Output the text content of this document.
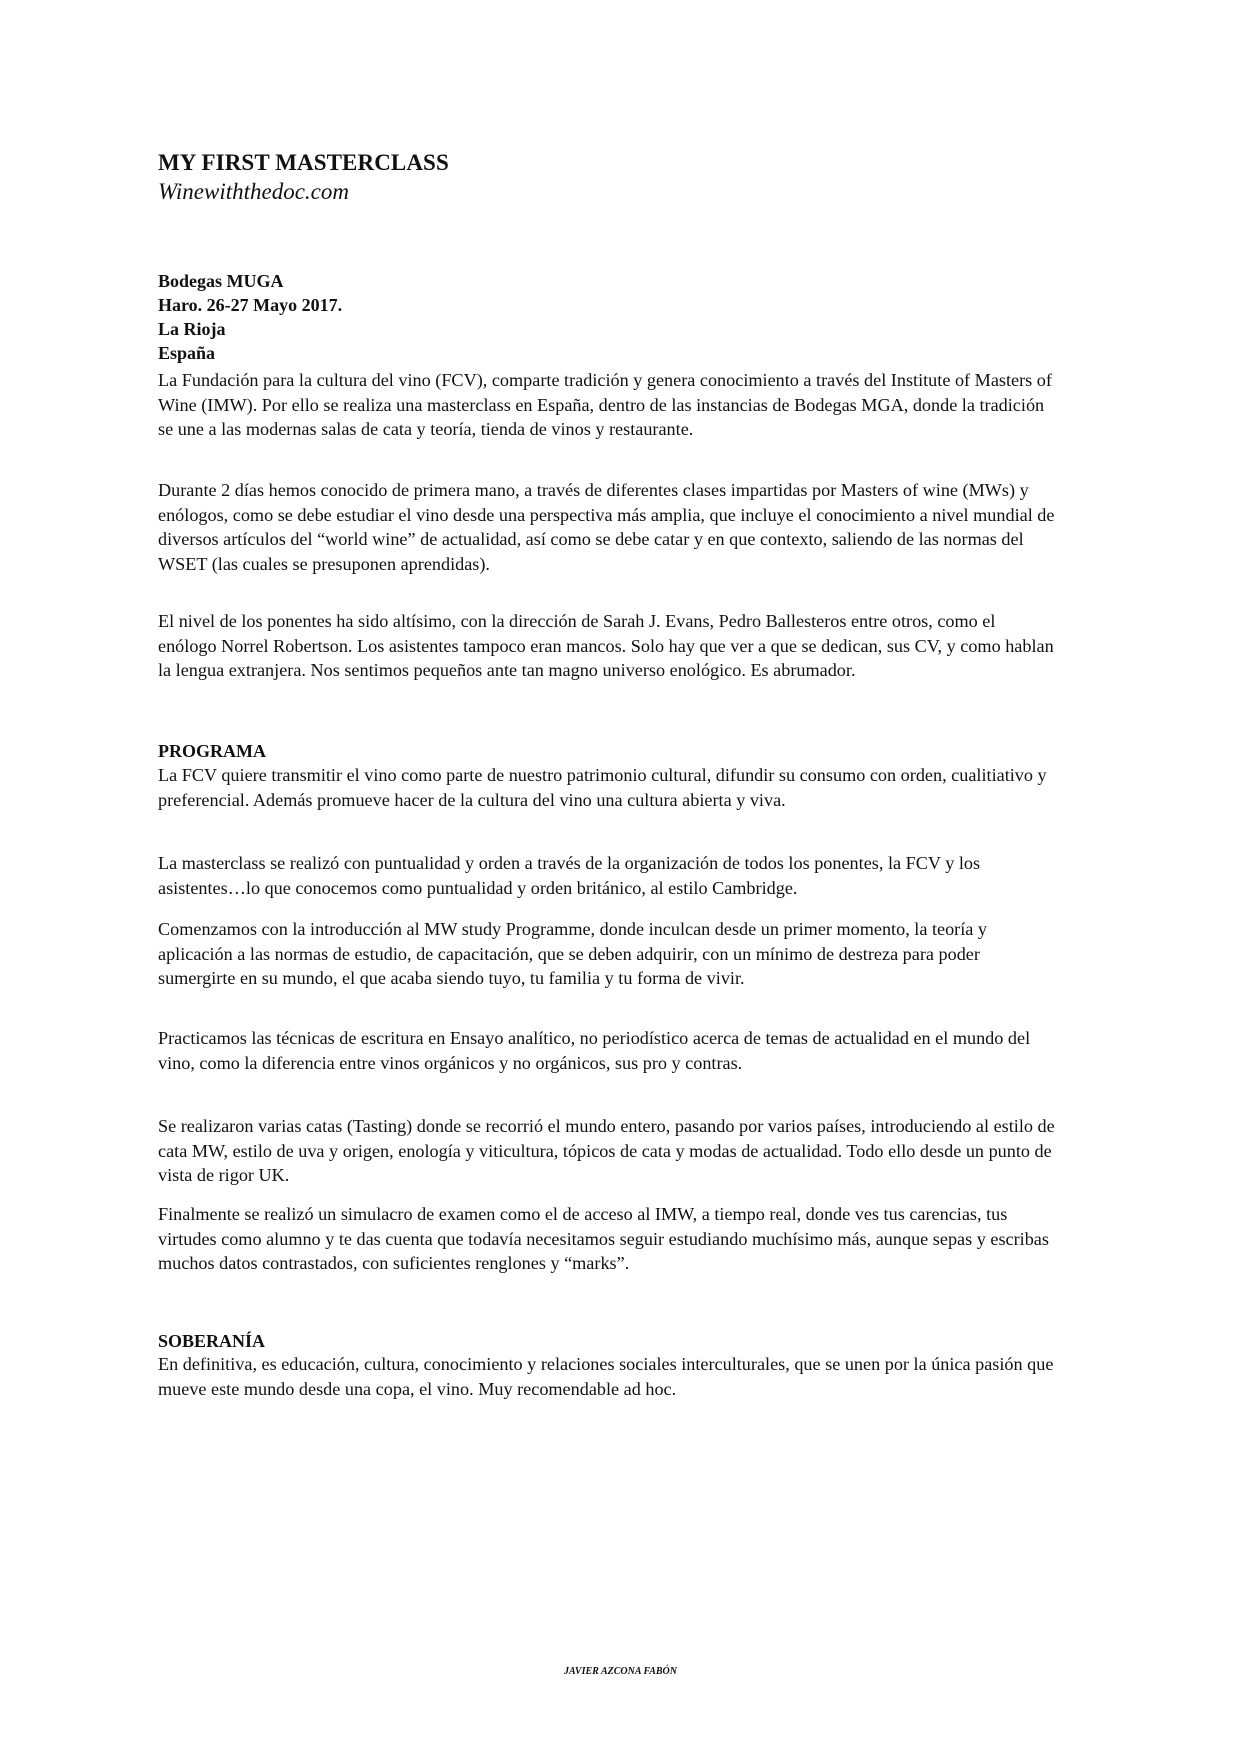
MY FIRST MASTERCLASS
Winewiththedoc.com
Bodegas MUGA
Haro. 26-27 Mayo 2017.
La Rioja
España

La Fundación para la cultura del vino (FCV), comparte tradición y genera conocimiento a través del Institute of Masters of Wine (IMW). Por ello se realiza una masterclass en España, dentro de las instancias de Bodegas MGA, donde la tradición se une a las modernas salas de cata y teoría, tienda de vinos y restaurante.

Durante 2 días hemos conocido de primera mano, a través de diferentes clases impartidas por Masters of wine (MWs) y enólogos, como se debe estudiar el vino desde una perspectiva más amplia, que incluye el conocimiento a nivel mundial de diversos artículos del “world wine” de actualidad, así como se debe catar y en que contexto, saliendo de las normas del WSET (las cuales se presuponen aprendidas).

El nivel de los ponentes ha sido altísimo, con la dirección de Sarah J. Evans, Pedro Ballesteros entre otros, como el enólogo Norrel Robertson. Los asistentes tampoco eran mancos. Solo hay que ver a que se dedican, sus CV, y como hablan la lengua extranjera. Nos sentimos pequeños ante tan magno universo enológico. Es abrumador.

PROGRAMA

La FCV quiere transmitir el vino como parte de nuestro patrimonio cultural, difundir su consumo con orden, cualitiativo y preferencial. Además promueve hacer de la cultura del vino una cultura abierta y viva.

La masterclass se realizó con puntualidad y orden a través de la organización de todos los ponentes, la FCV y los asistentes…lo que conocemos como puntualidad y orden británico, al estilo Cambridge.

Comenzamos con la introducción al MW study Programme, donde inculcan desde un primer momento, la teoría y aplicación a las normas de estudio, de capacitación, que se deben adquirir, con un mínimo de destreza para poder sumergirte en su mundo, el que acaba siendo tuyo, tu familia y tu forma de vivir.

Practicamos las técnicas de escritura en Ensayo analítico, no periodístico acerca de temas de actualidad en el mundo del vino, como la diferencia entre vinos orgánicos y no orgánicos, sus pro y contras.

Se realizaron varias catas (Tasting) donde se recorrió el mundo entero, pasando por varios países, introduciendo al estilo de cata MW, estilo de uva y origen, enología y viticultura, tópicos de cata y modas de actualidad. Todo ello desde un punto de vista de rigor UK.

Finalmente se realizó un simulacro de examen como el de acceso al IMW, a tiempo real, donde ves tus carencias, tus virtudes como alumno y te das cuenta que todavía necesitamos seguir estudiando muchísimo más, aunque sepas y escribas muchos datos contrastados, con suficientes renglones y “marks”.

SOBERANÍA

En definitiva, es educación, cultura, conocimiento y relaciones sociales interculturales, que se unen por la única pasión que mueve este mundo desde una copa, el vino. Muy recomendable ad hoc.

JAVIER AZCONA FABÓN
